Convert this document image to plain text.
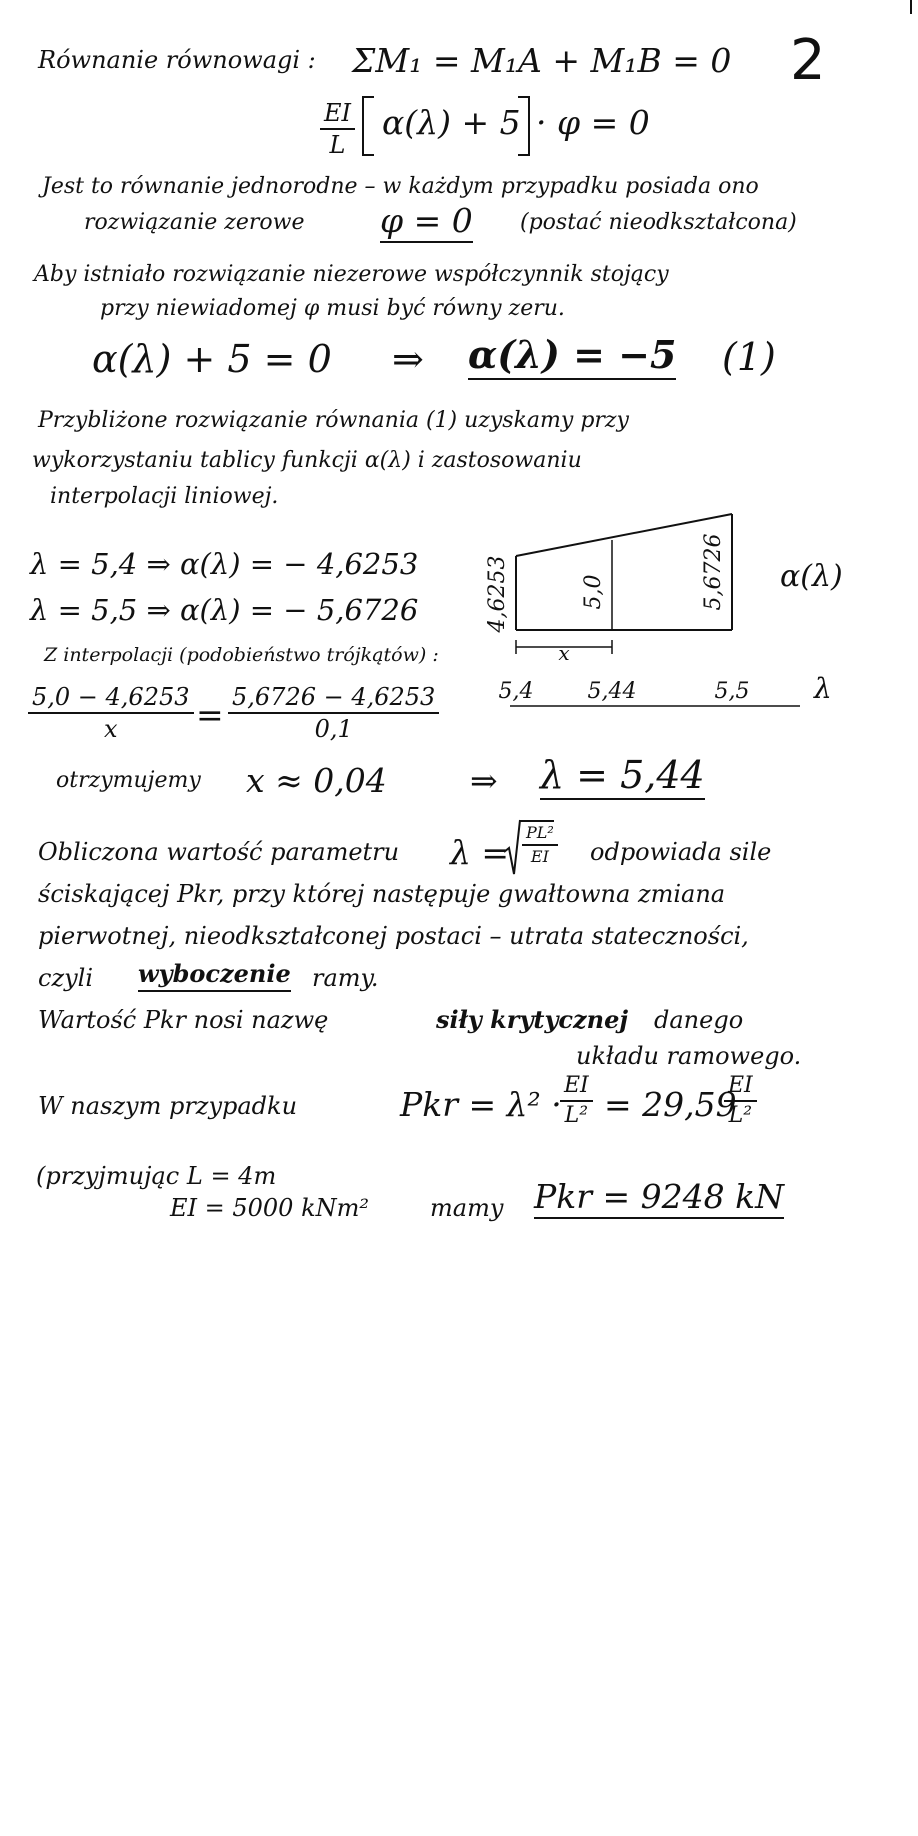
2
Równanie równowagi : ΣM₁ = M₁A + M₁B = 0
$\frac{EI}{L} \alpha(\lambda) + 5 \cdot \varphi = 0$
Jest to równanie jednorodne – w każdym przypadku posiada ono
rozwiązanie zerowe φ = 0 (postać nieodkształcona)
Aby istniało rozwiązanie niezerowe współczynnik stojący
przy niewiadomej φ musi być równy zeru.
α(λ) + 5 = 0 ⇒ α(λ) = −5 (1)
Przybliżone rozwiązanie równania (1) uzyskamy przy
wykorzystaniu tablicy funkcji α(λ) i zastosowaniu
interpolacji liniowej.
λ = 5,4 ⇒ α(λ) = − 4,6253
λ = 5,5 ⇒ α(λ) = − 5,6726
Z interpolacji (podobieństwo trójkątów) :
$\frac{5,0 - 4,6253}{x} = \frac{5,6726 - 4,6253}{0,1}$
4,6253	5,0	5,6726 α(λ)
x
5,4 5,44	5,5 λ
otrzymujemy x ≈ 0,04	⇒ λ = 5,44
Obliczona wartość parametru $\lambda = \frac{\text{PL²}}{EI}$ odpowiada sile
ściskającej Pkr, przy której następuje gwałtowna zmiana
pierwotnej, nieodkształconej postaci – utrata stateczności,
czyli wyboczenie ramy.
Wartość Pkr nosi nazwę	siły krytycznej danego
układu ramowego.
W naszym przypadku	Pkr = λ² ·
$\frac{EI}{\text{L²}} = 29,59$
$\frac{EI}{\text{L²}}$
(przyjmując L = 4m
EI = 5000 kNm²	mamy Pkr = 9248 kN
